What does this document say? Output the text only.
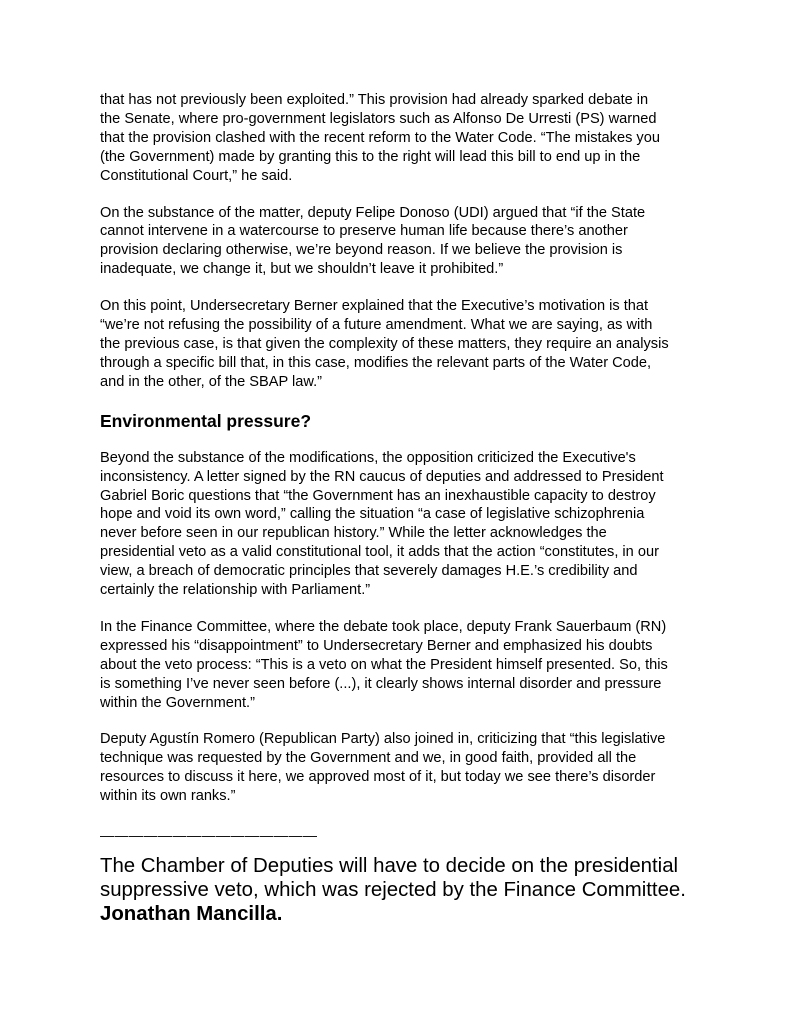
that has not previously been exploited.” This provision had already sparked debate in
the Senate, where pro-government legislators such as Alfonso De Urresti (PS) warned
that the provision clashed with the recent reform to the Water Code. “The mistakes you
(the Government) made by granting this to the right will lead this bill to end up in the
Constitutional Court,” he said.

On the substance of the matter, deputy Felipe Donoso (UDI) argued that “if the State
cannot intervene in a watercourse to preserve human life because there’s another
provision declaring otherwise, we’re beyond reason. If we believe the provision is
inadequate, we change it, but we shouldn’t leave it prohibited.”

On this point, Undersecretary Berner explained that the Executive’s motivation is that
“we’re not refusing the possibility of a future amendment. What we are saying, as with
the previous case, is that given the complexity of these matters, they require an analysis
through a specific bill that, in this case, modifies the relevant parts of the Water Code,
and in the other, of the SBAP law.”

Environmental pressure?

Beyond the substance of the modifications, the opposition criticized the Executive's
inconsistency. A letter signed by the RN caucus of deputies and addressed to President
Gabriel Boric questions that “the Government has an inexhaustible capacity to destroy
hope and void its own word,” calling the situation “a case of legislative schizophrenia
never before seen in our republican history.” While the letter acknowledges the
presidential veto as a valid constitutional tool, it adds that the action “constitutes, in our
view, a breach of democratic principles that severely damages H.E.’s credibility and
certainly the relationship with Parliament.”

In the Finance Committee, where the debate took place, deputy Frank Sauerbaum (RN)
expressed his “disappointment” to Undersecretary Berner and emphasized his doubts
about the veto process: “This is a veto on what the President himself presented. So, this
is something I’ve never seen before (...), it clearly shows internal disorder and pressure
within the Government.”

Deputy Agustín Romero (Republican Party) also joined in, criticizing that “this legislative
technique was requested by the Government and we, in good faith, provided all the
resources to discuss it here, we approved most of it, but today we see there’s disorder
within its own ranks.”

———————————————

The Chamber of Deputies will have to decide on the presidential
suppressive veto, which was rejected by the Finance Committee.

Jonathan Mancilla.
